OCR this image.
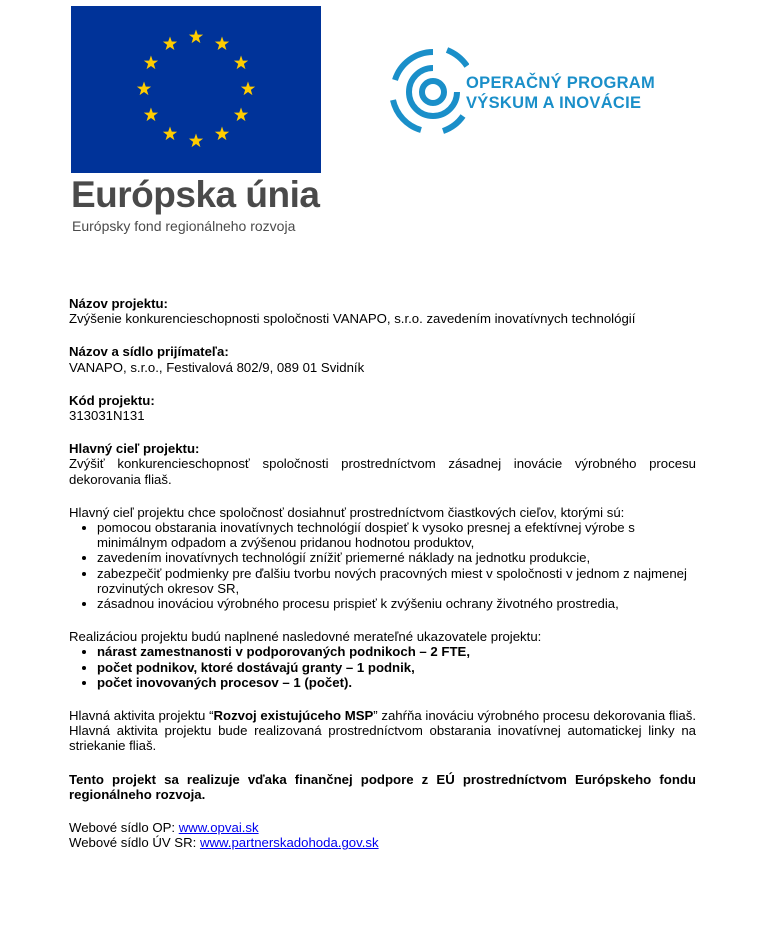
Európska únia
Európsky fond regionálneho rozvoja
OPERAČNÝ PROGRAM
VÝSKUM A INOVÁCIE
Názov projektu:
Zvýšenie konkurencieschopnosti spoločnosti VANAPO, s.r.o. zavedením inovatívnych technológií
Názov a sídlo prijímateľa:
VANAPO, s.r.o., Festivalová 802/9, 089 01 Svidník
Kód projektu:
313031N131
Hlavný cieľ projektu:
Zvýšiť konkurencieschopnosť spoločnosti prostredníctvom zásadnej inovácie výrobného procesu dekorovania fliaš.
Hlavný cieľ projektu chce spoločnosť dosiahnuť prostredníctvom čiastkových cieľov, ktorými sú:
• pomocou obstarania inovatívnych technológií dospieť k vysoko presnej a efektívnej výrobe s minimálnym odpadom a zvýšenou pridanou hodnotou produktov,
• zavedením inovatívnych technológií znížiť priemerné náklady na jednotku produkcie,
• zabezpečiť podmienky pre ďalšiu tvorbu nových pracovných miest v spoločnosti v jednom z najmenej rozvinutých okresov SR,
• zásadnou inováciou výrobného procesu prispieť k zvýšeniu ochrany životného prostredia,
Realizáciou projektu budú naplnené nasledovné merateľné ukazovatele projektu:
• nárast zamestnanosti v podporovaných podnikoch – 2 FTE,
• počet podnikov, ktoré dostávajú granty – 1 podnik,
• počet inovovaných procesov – 1 (počet).
Hlavná aktivita projektu “Rozvoj existujúceho MSP” zahŕňa inováciu výrobného procesu dekorovania fliaš. Hlavná aktivita projektu bude realizovaná prostredníctvom obstarania inovatívnej automatickej linky na striekanie fliaš.
Tento projekt sa realizuje vďaka finančnej podpore z EÚ prostredníctvom Európskeho fondu regionálneho rozvoja.
Webové sídlo OP: www.opvai.sk
Webové sídlo ÚV SR: www.partnerskadohoda.gov.sk
